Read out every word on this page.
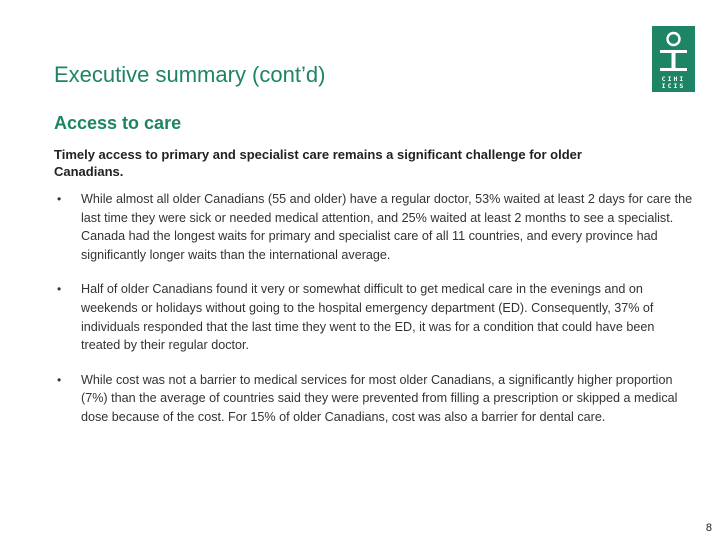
CIHI
ICIS
Executive summary (cont’d)
Access to care

Timely access to primary and specialist care remains a significant challenge for older Canadians.

• While almost all older Canadians (55 and older) have a regular doctor, 53% waited at least 2 days for care the last time they were sick or needed medical attention, and 25% waited at least 2 months to see a specialist. Canada had the longest waits for primary and specialist care of all 11 countries, and every province had significantly longer waits than the international average.
• Half of older Canadians found it very or somewhat difficult to get medical care in the evenings and on weekends or holidays without going to the hospital emergency department (ED). Consequently, 37% of individuals responded that the last time they went to the ED, it was for a condition that could have been treated by their regular doctor.
• While cost was not a barrier to medical services for most older Canadians, a significantly higher proportion (7%) than the average of countries said they were prevented from filling a prescription or skipped a medical dose because of the cost. For 15% of older Canadians, cost was also a barrier for dental care.
8
